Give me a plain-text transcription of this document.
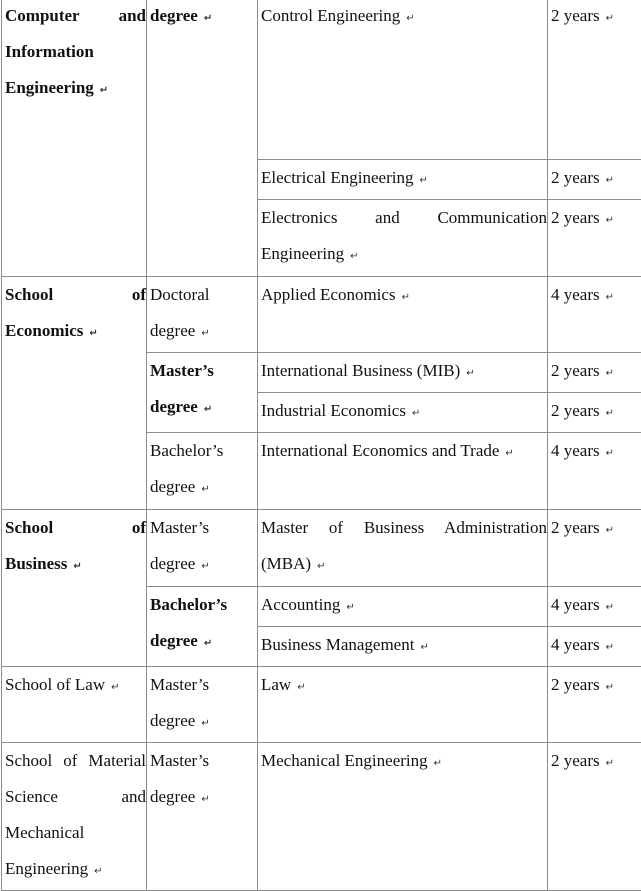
Computer and Information Engineering ↵	degree ↵	Control Engineering ↵	2 years ↵

		Electrical Engineering ↵	2 years ↵

		Electronics and Communication Engineering ↵	2 years ↵

School of Economics ↵	Doctoral degree ↵	Applied Economics ↵	4 years ↵

	Master’s degree ↵	International Business (MIB) ↵	2 years ↵

		Industrial Economics ↵	2 years ↵

	Bachelor’s degree ↵	International Economics and Trade ↵	4 years ↵

School of Business ↵	Master’s degree ↵	Master of Business Administration (MBA) ↵	2 years ↵

	Bachelor’s degree ↵	Accounting ↵	4 years ↵

		Business Management ↵	4 years ↵

School of Law ↵	Master’s degree ↵	Law ↵	2 years ↵

School of Material Science and Mechanical Engineering ↵	Master’s degree ↵	Mechanical Engineering ↵	2 years ↵
